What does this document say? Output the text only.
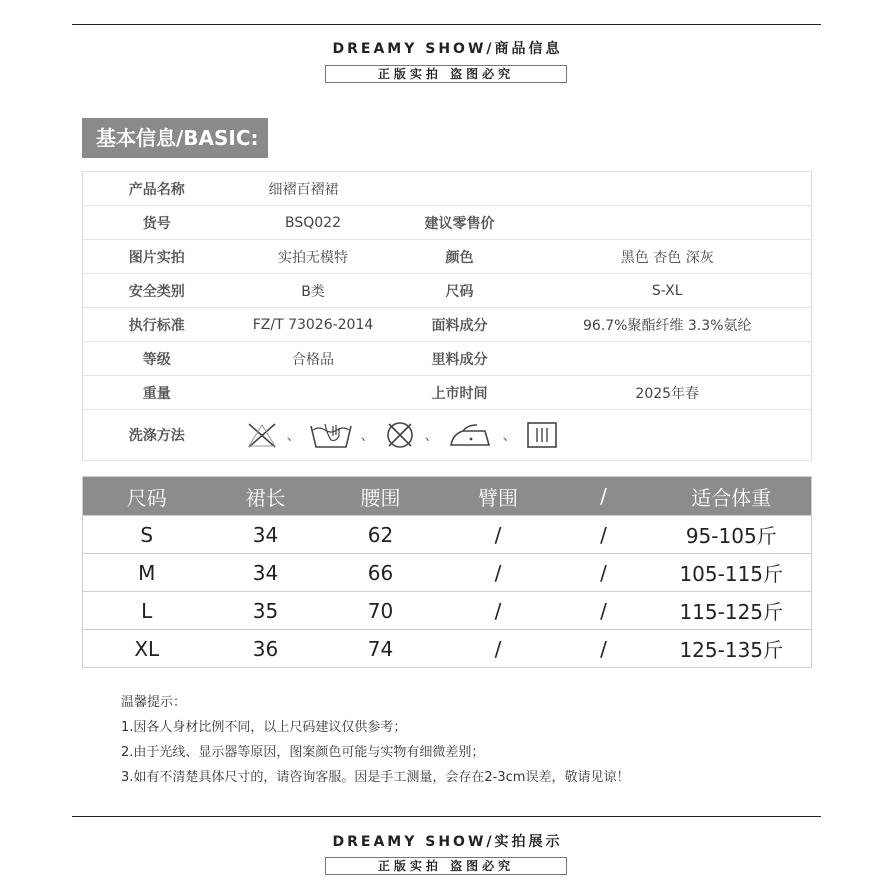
DREAMY SHOW/商品信息
正版实拍 盗图必究
基本信息/BASIC:
产品名称	细褶百褶裙		
货号	BSQ022	建议零售价	
图片实拍	实拍无模特	颜色	黑色 杏色 深灰
安全类别	B类	尺码	S-XL
执行标准	FZ/T 73026-2014	面料成分	96.7%聚酯纤维 3.3%氨纶
等级	合格品	里料成分	
重量		上市时间	2025年春
洗涤方法	、 、 、 、		
尺码	裙长	腰围	臂围	/	适合体重
S	34	62	/	/	95-105斤
M	34	66	/	/	105-115斤
L	35	70	/	/	115-125斤
XL	36	74	/	/	125-135斤
温馨提示：
1.因各人身材比例不同，以上尺码建议仅供参考；
2.由于光线、显示器等原因，图案颜色可能与实物有细微差别；
3.如有不清楚具体尺寸的，请咨询客服。因是手工测量，会存在2-3cm误差，敬请见谅！
DREAMY SHOW/实拍展示
正版实拍 盗图必究
